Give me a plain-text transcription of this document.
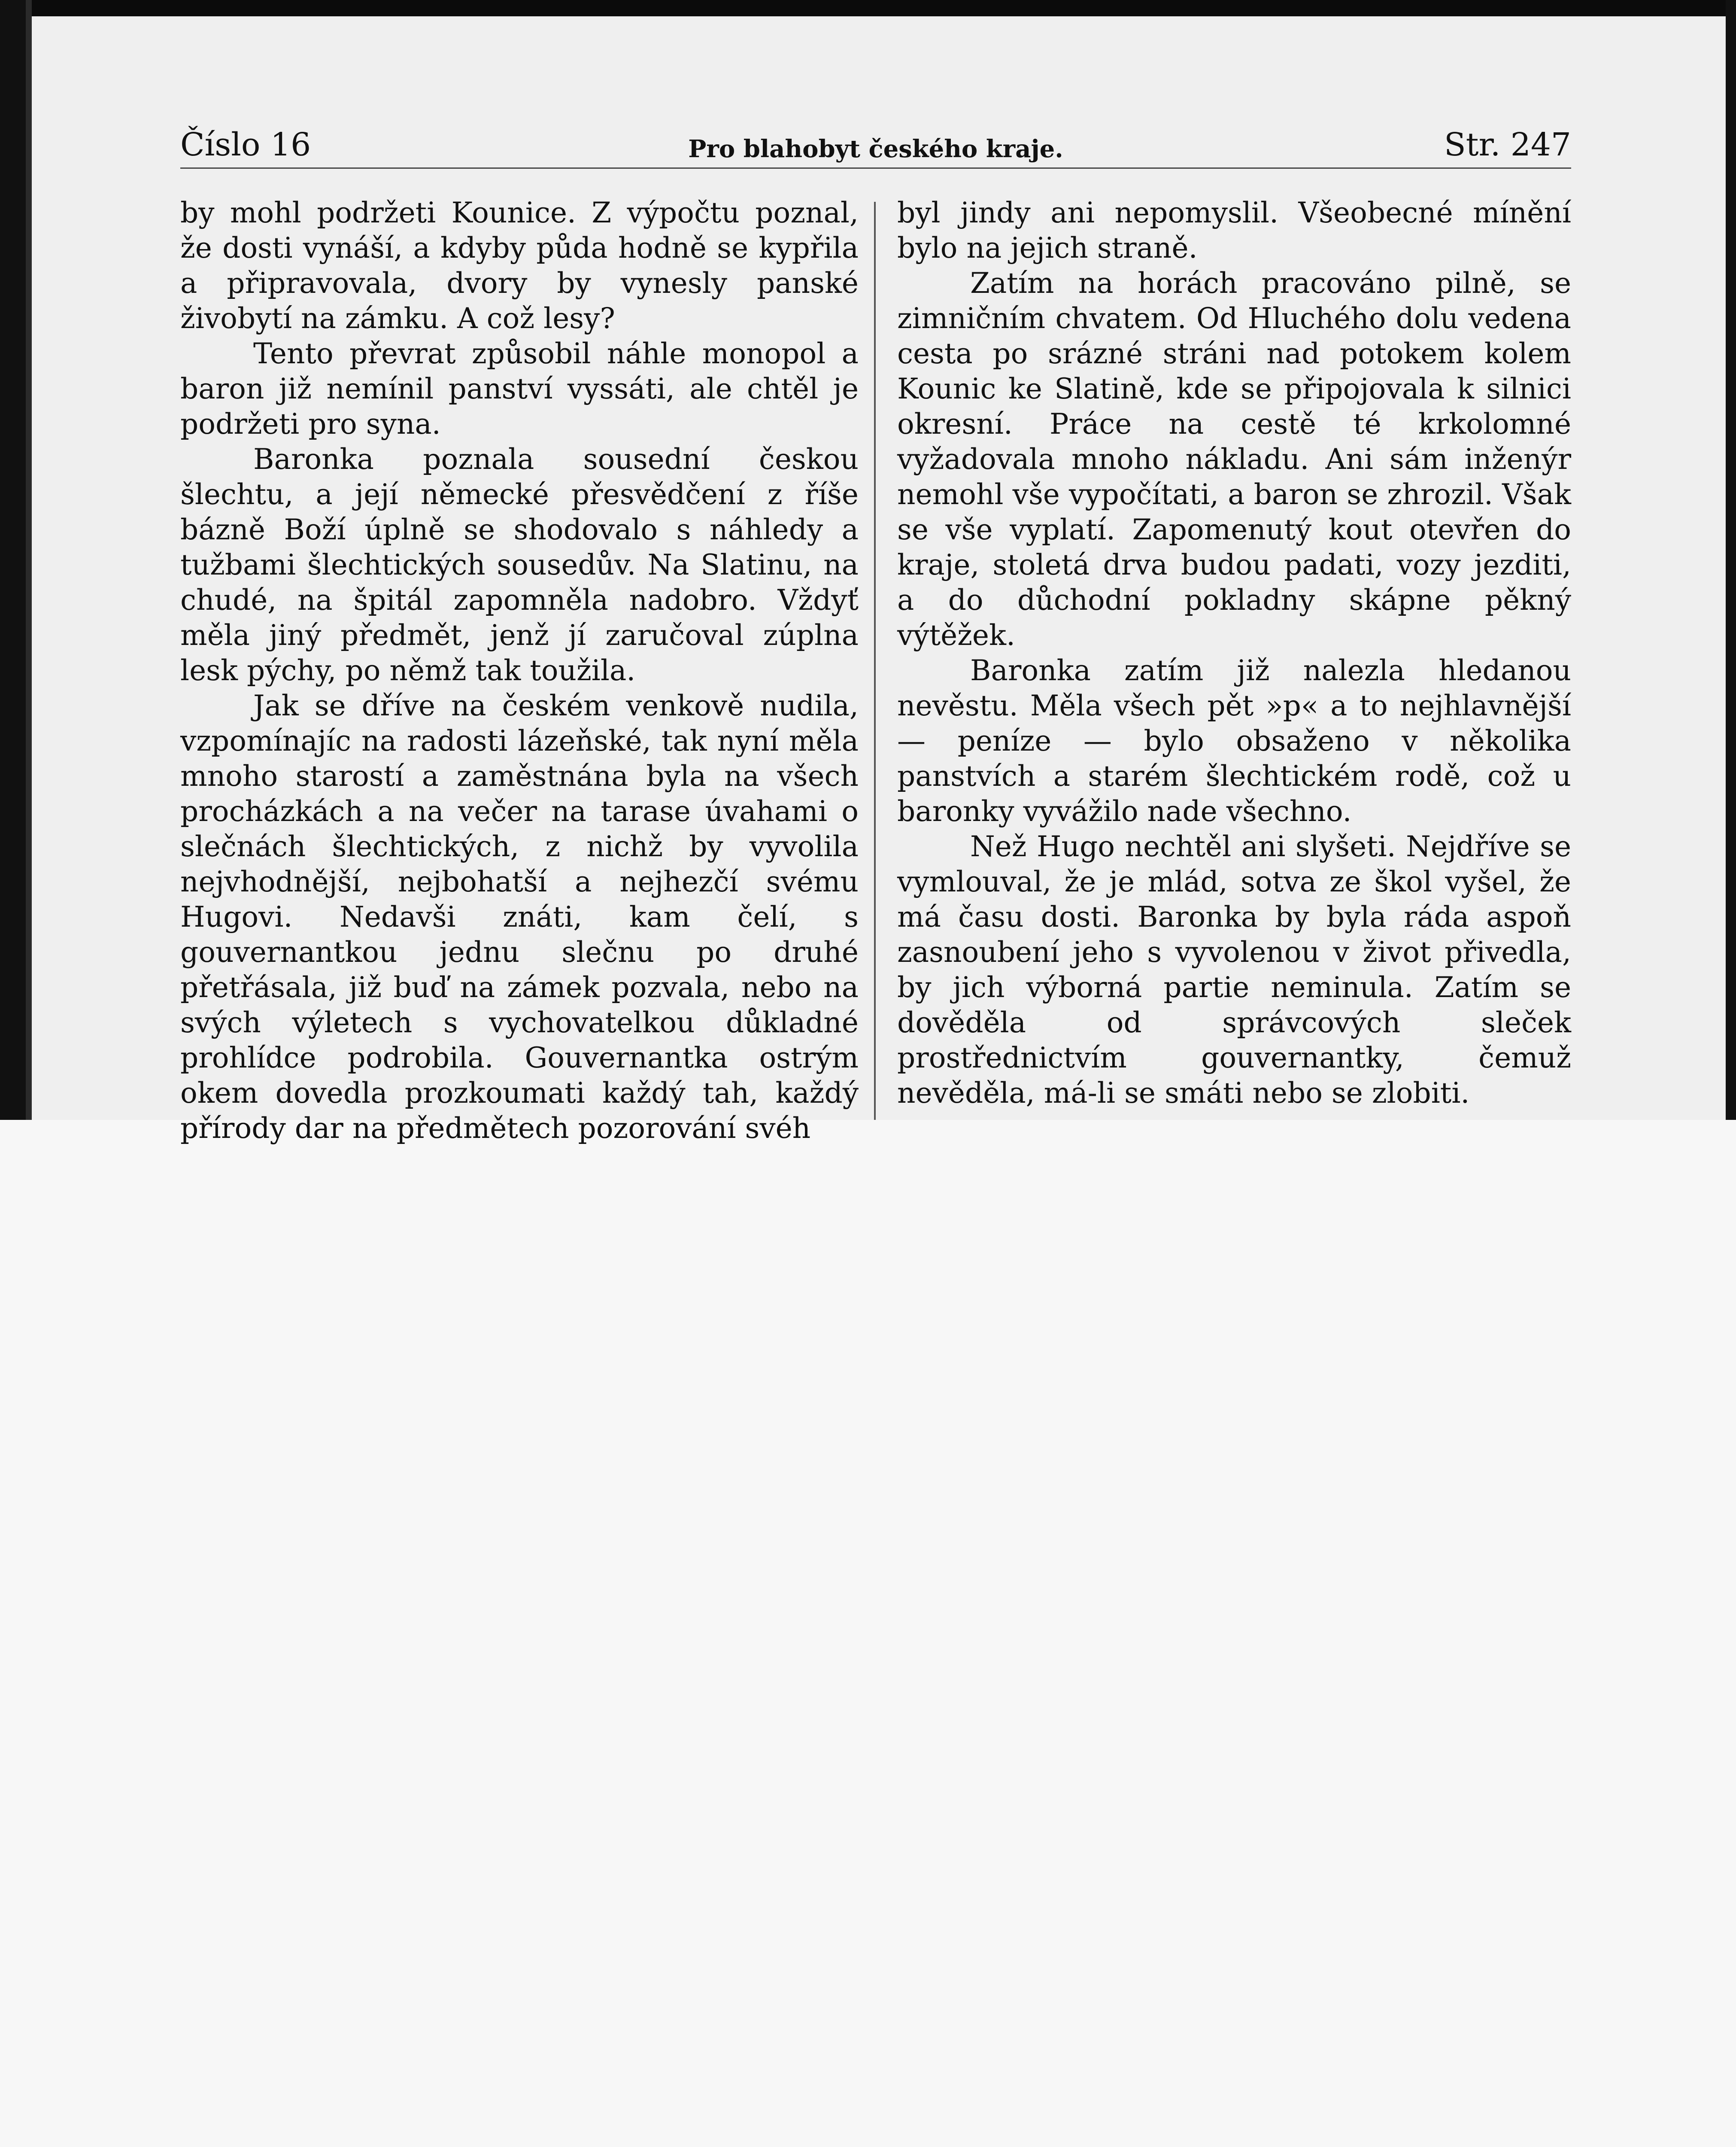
Číslo 16	Pro blahobyt českého kraje.	Str. 247

by mohl podržeti Kounice. Z výpočtu poznal, že dosti vynáší, a kdyby půda hodně se kypřila a připravovala, dvory by vynesly panské živobytí na zámku. A což lesy?

Tento převrat způsobil náhle monopol a baron již nemínil panství vyssáti, ale chtěl je podržeti pro syna.

Baronka poznala sousední českou šlechtu, a její německé přesvědčení z říše bázně Boží úplně se shodovalo s náhledy a tužbami šlechtických sousedův. Na Slatinu, na chudé, na špitál zapomněla nadobro. Vždyť měla jiný předmět, jenž jí zaručoval zúplna lesk pýchy, po němž tak toužila.

Jak se dříve na českém venkově nudila, vzpomínajíc na radosti lázeňské, tak nyní měla mnoho starostí a zaměstnána byla na všech procházkách a na večer na tarase úvahami o slečnách šlechtických, z nichž by vyvolila nejvhodnější, nejbohatší a nejhezčí svému Hugovi. Nedavši znáti, kam čelí, s gouvernantkou jednu slečnu po druhé přetřásala, již buď na zámek pozvala, nebo na svých výletech s vychovatelkou důkladné prohlídce podrobila. Gouvernantka ostrým okem dovedla prozkoumati každý tah, každý přírody dar na předmětech pozorování svéh

byl jindy ani nepomyslil. Všeobecné mínění bylo na jejich straně.

Zatím na horách pracováno pilně, se zimničním chvatem. Od Hluchého dolu vedena cesta po srázné stráni nad potokem kolem Kounic ke Slatině, kde se připojovala k silnici okresní. Práce na cestě té krkolomné vyžadovala mnoho nákladu. Ani sám inženýr nemohl vše vypočítati, a baron se zhrozil. Však se vše vyplatí. Zapomenutý kout otevřen do kraje, stoletá drva budou padati, vozy jezditi, a do důchodní pokladny skápne pěkný výtěžek.

Baronka zatím již nalezla hledanou nevěstu. Měla všech pět »p« a to nejhlavnější — peníze — bylo obsaženo v několika panstvích a starém šlechtickém rodě, což u baronky vyvážilo nade všechno.

Než Hugo nechtěl ani slyšeti. Nejdříve se vymlouval, že je mlád, sotva ze škol vyšel, že má času dosti. Baronka by byla ráda aspoň zasnoubení jeho s vyvolenou v život přivedla, by jich výborná partie neminula. Zatím se dověděla od správcových sleček prostřednictvím gouvernantky, čemuž nevěděla, má-li se smáti nebo se zlobiti.
